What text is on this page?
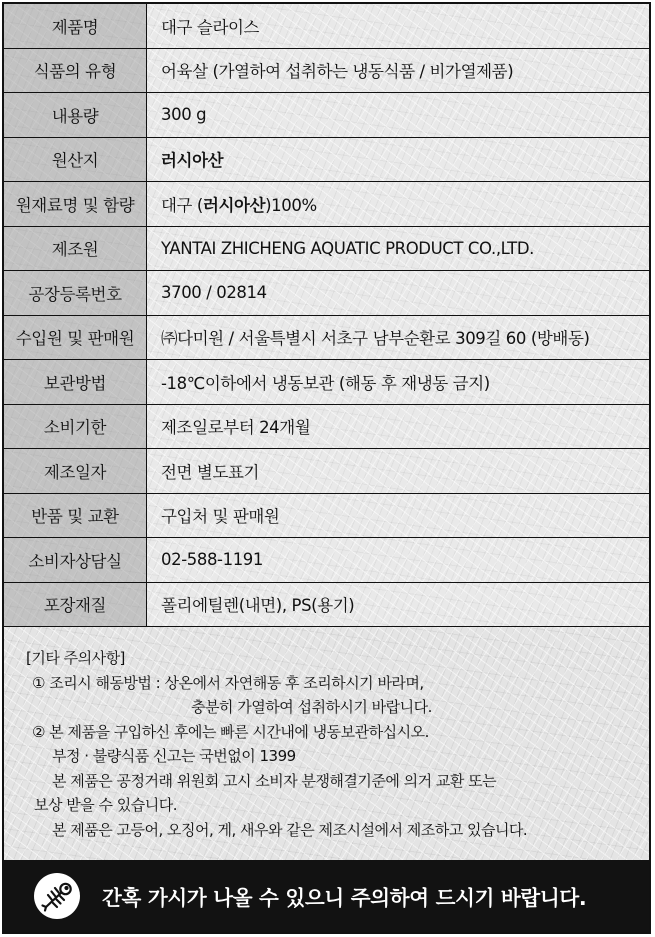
제품명	대구 슬라이스
식품의 유형	어육살 (가열하여 섭취하는 냉동식품 / 비가열제품)
내용량	300 g
원산지	러시아산
원재료명 및 함량	대구 (러시아산)100%
제조원	YANTAI ZHICHENG AQUATIC PRODUCT CO.,LTD.
공장등록번호	3700 / 02814
수입원 및 판매원	㈜다미원 / 서울특별시 서초구 남부순환로 309길 60 (방배동)
보관방법	-18℃이하에서 냉동보관 (해동 후 재냉동 금지)
소비기한	제조일로부터 24개월
제조일자	전면 별도표기
반품 및 교환	구입처 및 판매원
소비자상담실	02-588-1191
포장재질	폴리에틸렌(내면), PS(용기)
[기타 주의사항]
① 조리시 해동방법 : 상온에서 자연해동 후 조리하시기 바라며,
충분히 가열하여 섭취하시기 바랍니다.
② 본 제품을 구입하신 후에는 빠른 시간내에 냉동보관하십시오.
부정 · 불량식품 신고는 국번없이 1399
본 제품은 공정거래 위원회 고시 소비자 분쟁해결기준에 의거 교환 또는
보상 받을 수 있습니다.
본 제품은 고등어, 오징어, 게, 새우와 같은 제조시설에서 제조하고 있습니다.
간혹 가시가 나올 수 있으니 주의하여 드시기 바랍니다.
